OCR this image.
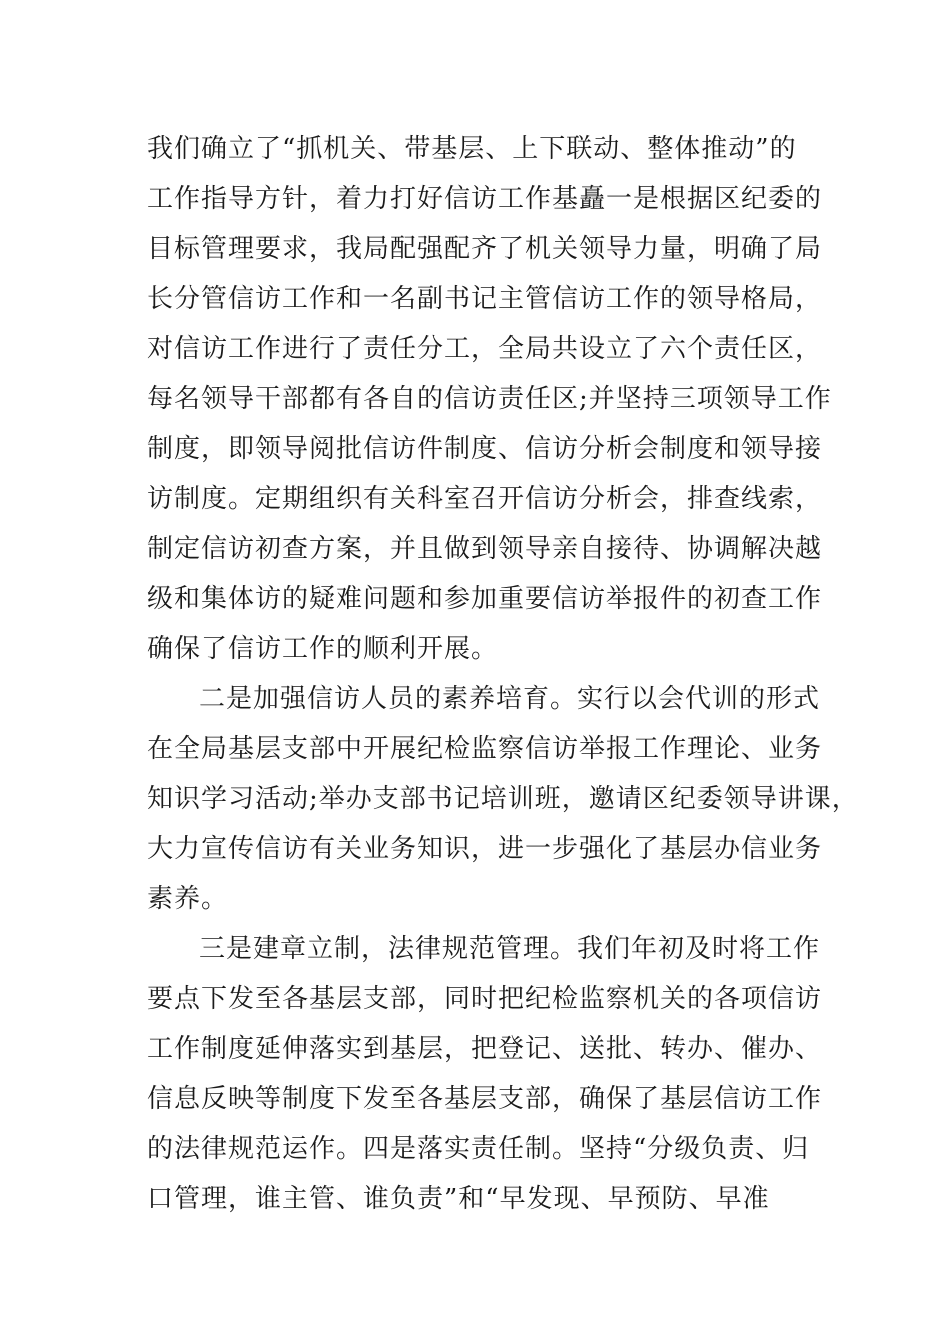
我们确立了“抓机关、带基层、上下联动、整体推动”的
工作指导方针，着力打好信访工作基矗一是根据区纪委的
目标管理要求，我局配强配齐了机关领导力量，明确了局
长分管信访工作和一名副书记主管信访工作的领导格局，
对信访工作进行了责任分工，全局共设立了六个责任区，
每名领导干部都有各自的信访责任区;并坚持三项领导工作
制度，即领导阅批信访件制度、信访分析会制度和领导接
访制度。定期组织有关科室召开信访分析会，排查线索，
制定信访初查方案，并且做到领导亲自接待、协调解决越
级和集体访的疑难问题和参加重要信访举报件的初查工作
确保了信访工作的顺利开展。
二是加强信访人员的素养培育。实行以会代训的形式
在全局基层支部中开展纪检监察信访举报工作理论、业务
知识学习活动;举办支部书记培训班，邀请区纪委领导讲课，
大力宣传信访有关业务知识，进一步强化了基层办信业务
素养。
三是建章立制，法律规范管理。我们年初及时将工作
要点下发至各基层支部，同时把纪检监察机关的各项信访
工作制度延伸落实到基层，把登记、送批、转办、催办、
信息反映等制度下发至各基层支部，确保了基层信访工作
的法律规范运作。四是落实责任制。坚持“分级负责、归
口管理，谁主管、谁负责”和“早发现、早预防、早准
